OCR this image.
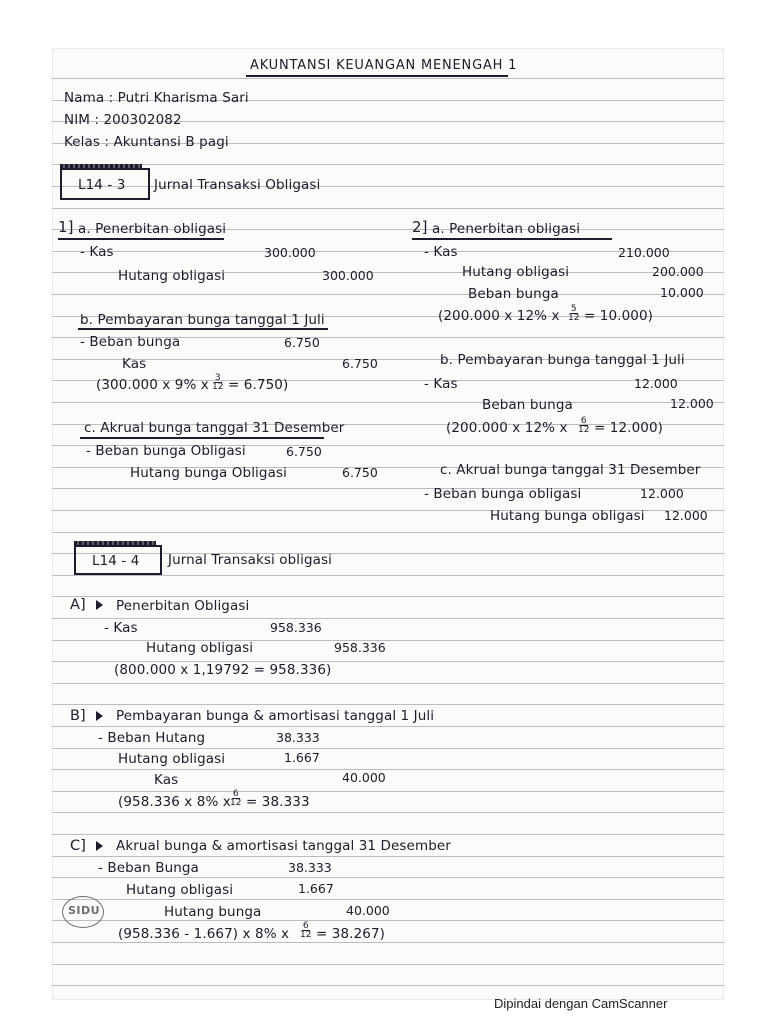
AKUNTANSI KEUANGAN MENENGAH 1
Nama : Putri Kharisma Sari
NIM : 200302082
Kelas : Akuntansi B pagi
L14 - 3 Jurnal Transaksi Obligasi
1] a. Penerbitan obligasi
- Kas	300.000
Hutang obligasi	300.000
b. Pembayaran bunga tanggal 1 Juli
- Beban bunga	6.750
Kas	6.750
(300.000 x 9% x $\frac{3}{12} = 6.750$)
c. Akrual bunga tanggal 31 Desember
- Beban bunga Obligasi	6.750
Hutang bunga Obligasi	6.750
2] a. Penerbitan obligasi
- Kas	210.000
Hutang obligasi	200.000
Beban bunga	10.000
(200.000 x 12% x $\frac{5}{12} = 10.000$)
b. Pembayaran bunga tanggal 1 Juli
- Kas	12.000
Beban bunga	12.000
(200.000 x 12% x $\frac{6}{12} = 12.000$)
c. Akrual bunga tanggal 31 Desember
- Beban bunga obligasi	12.000
Hutang bunga obligasi 12.000
L14 - 4 Jurnal Transaksi obligasi
A] Penerbitan Obligasi
- Kas	958.336
Hutang obligasi	958.336
(800.000 x 1,19792 = 958.336)
B] Pembayaran bunga & amortisasi tanggal 1 Juli
- Beban Hutang	38.333
Hutang obligasi	1.667
Kas	40.000
(958.336 x 8% x $\frac{6}{12} = 38.333$
C] Akrual bunga & amortisasi tanggal 31 Desember
- Beban Bunga	38.333
Hutang obligasi	1.667
Hutang bunga	40.000
(958.336 - 1.667) x 8% x $\frac{6}{12} = 38.267$)
SIDU
Dipindai dengan CamScanner
